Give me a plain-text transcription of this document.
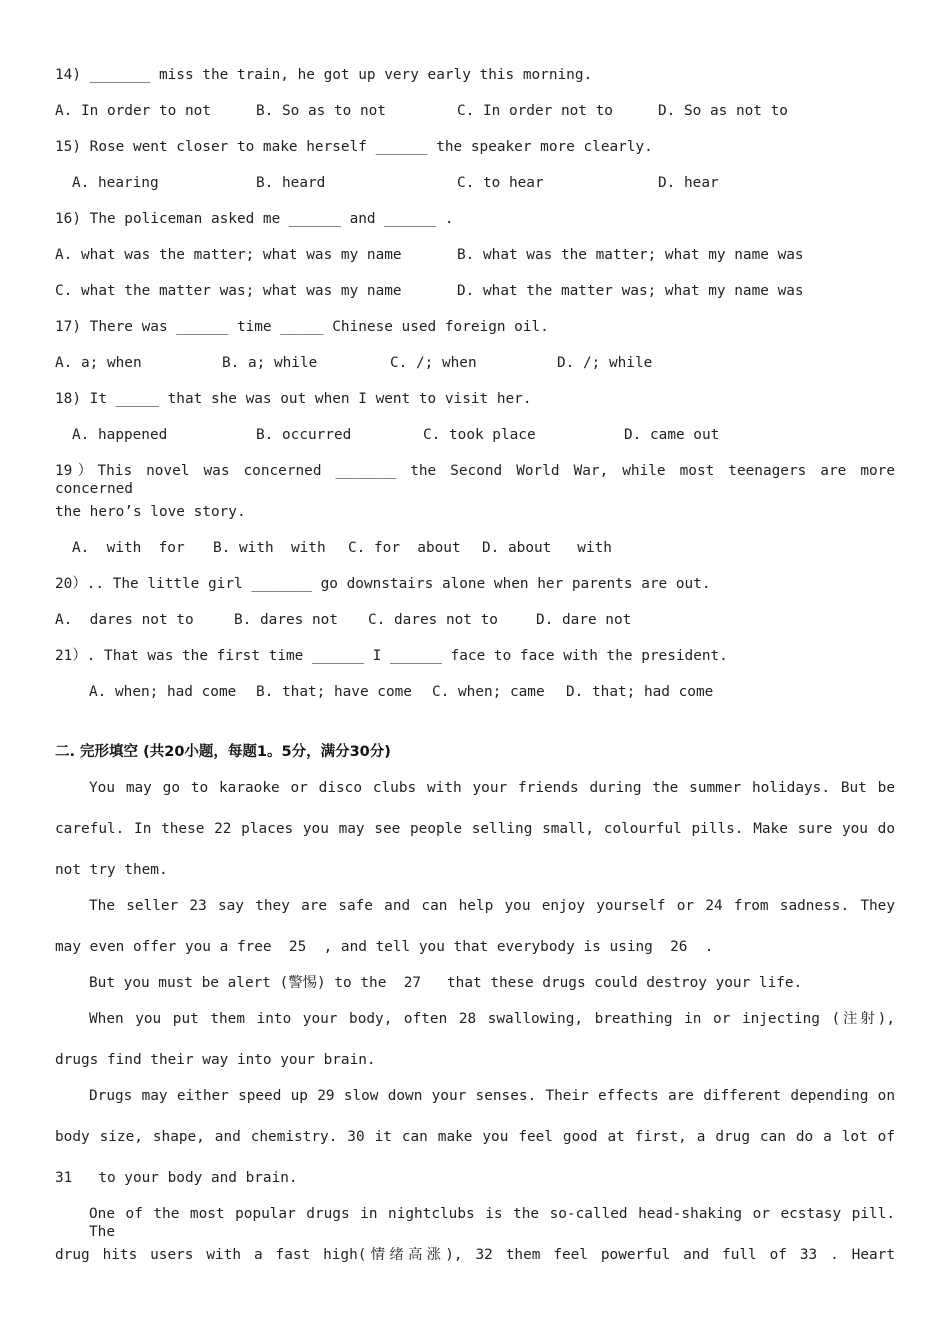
14) _______ miss the train, he got up very early this morning.
A. In order to not	B. So as to not	C. In order not to	D. So as not to
15) Rose went closer to make herself ______ the speaker more clearly.
A. hearing	B. heard	C. to hear	D. hear
16) The policeman asked me ______ and ______ .
A. what was the matter; what was my name	B. what was the matter; what my name was
C. what the matter was; what was my name	D. what the matter was; what my name was
17) There was ______ time _____ Chinese used foreign oil.
A. a; when	B. a; while	C. /; when	D. /; while
18) It _____ that she was out when I went to visit her.
A. happened	B. occurred	C. took place	D. came out
19）This novel was concerned _______ the Second World War, while most teenagers are more concerned
the hero’s love story.
A.  with  for B. with  with C. for  about D. about   with
20）.. The little girl _______ go downstairs alone when her parents are out.
A.  dares not to	B. dares not C. dares not to	D. dare not
21）. That was the first time ______ I ______ face to face with the president.
A. when; had come B. that; have come C. when; came D. that; had come
二. 完形填空 (共20小题，每题1。5分，满分30分)
You may go to karaoke or disco clubs with your friends during the summer holidays. But be
careful. In these 22 places you may see people selling small, colourful pills. Make sure you do
not try them.
The seller 23 say they are safe and can help you enjoy yourself or 24 from sadness. They
may even offer you a free  25  , and tell you that everybody is using  26  .
But you must be alert (警惕) to the  27   that these drugs could destroy your life.
When you put them into your body, often 28 swallowing, breathing in or injecting (注射),
drugs find their way into your brain.
Drugs may either speed up 29 slow down your senses. Their effects are different depending on
body size, shape, and chemistry. 30 it can make you feel good at first, a drug can do a lot of
31   to your body and brain.
One of the most popular drugs in nightclubs is the so-called head-shaking or ecstasy pill. The
drug hits users with a fast high(情绪高涨), 32 them feel powerful and full of 33 . Heart
